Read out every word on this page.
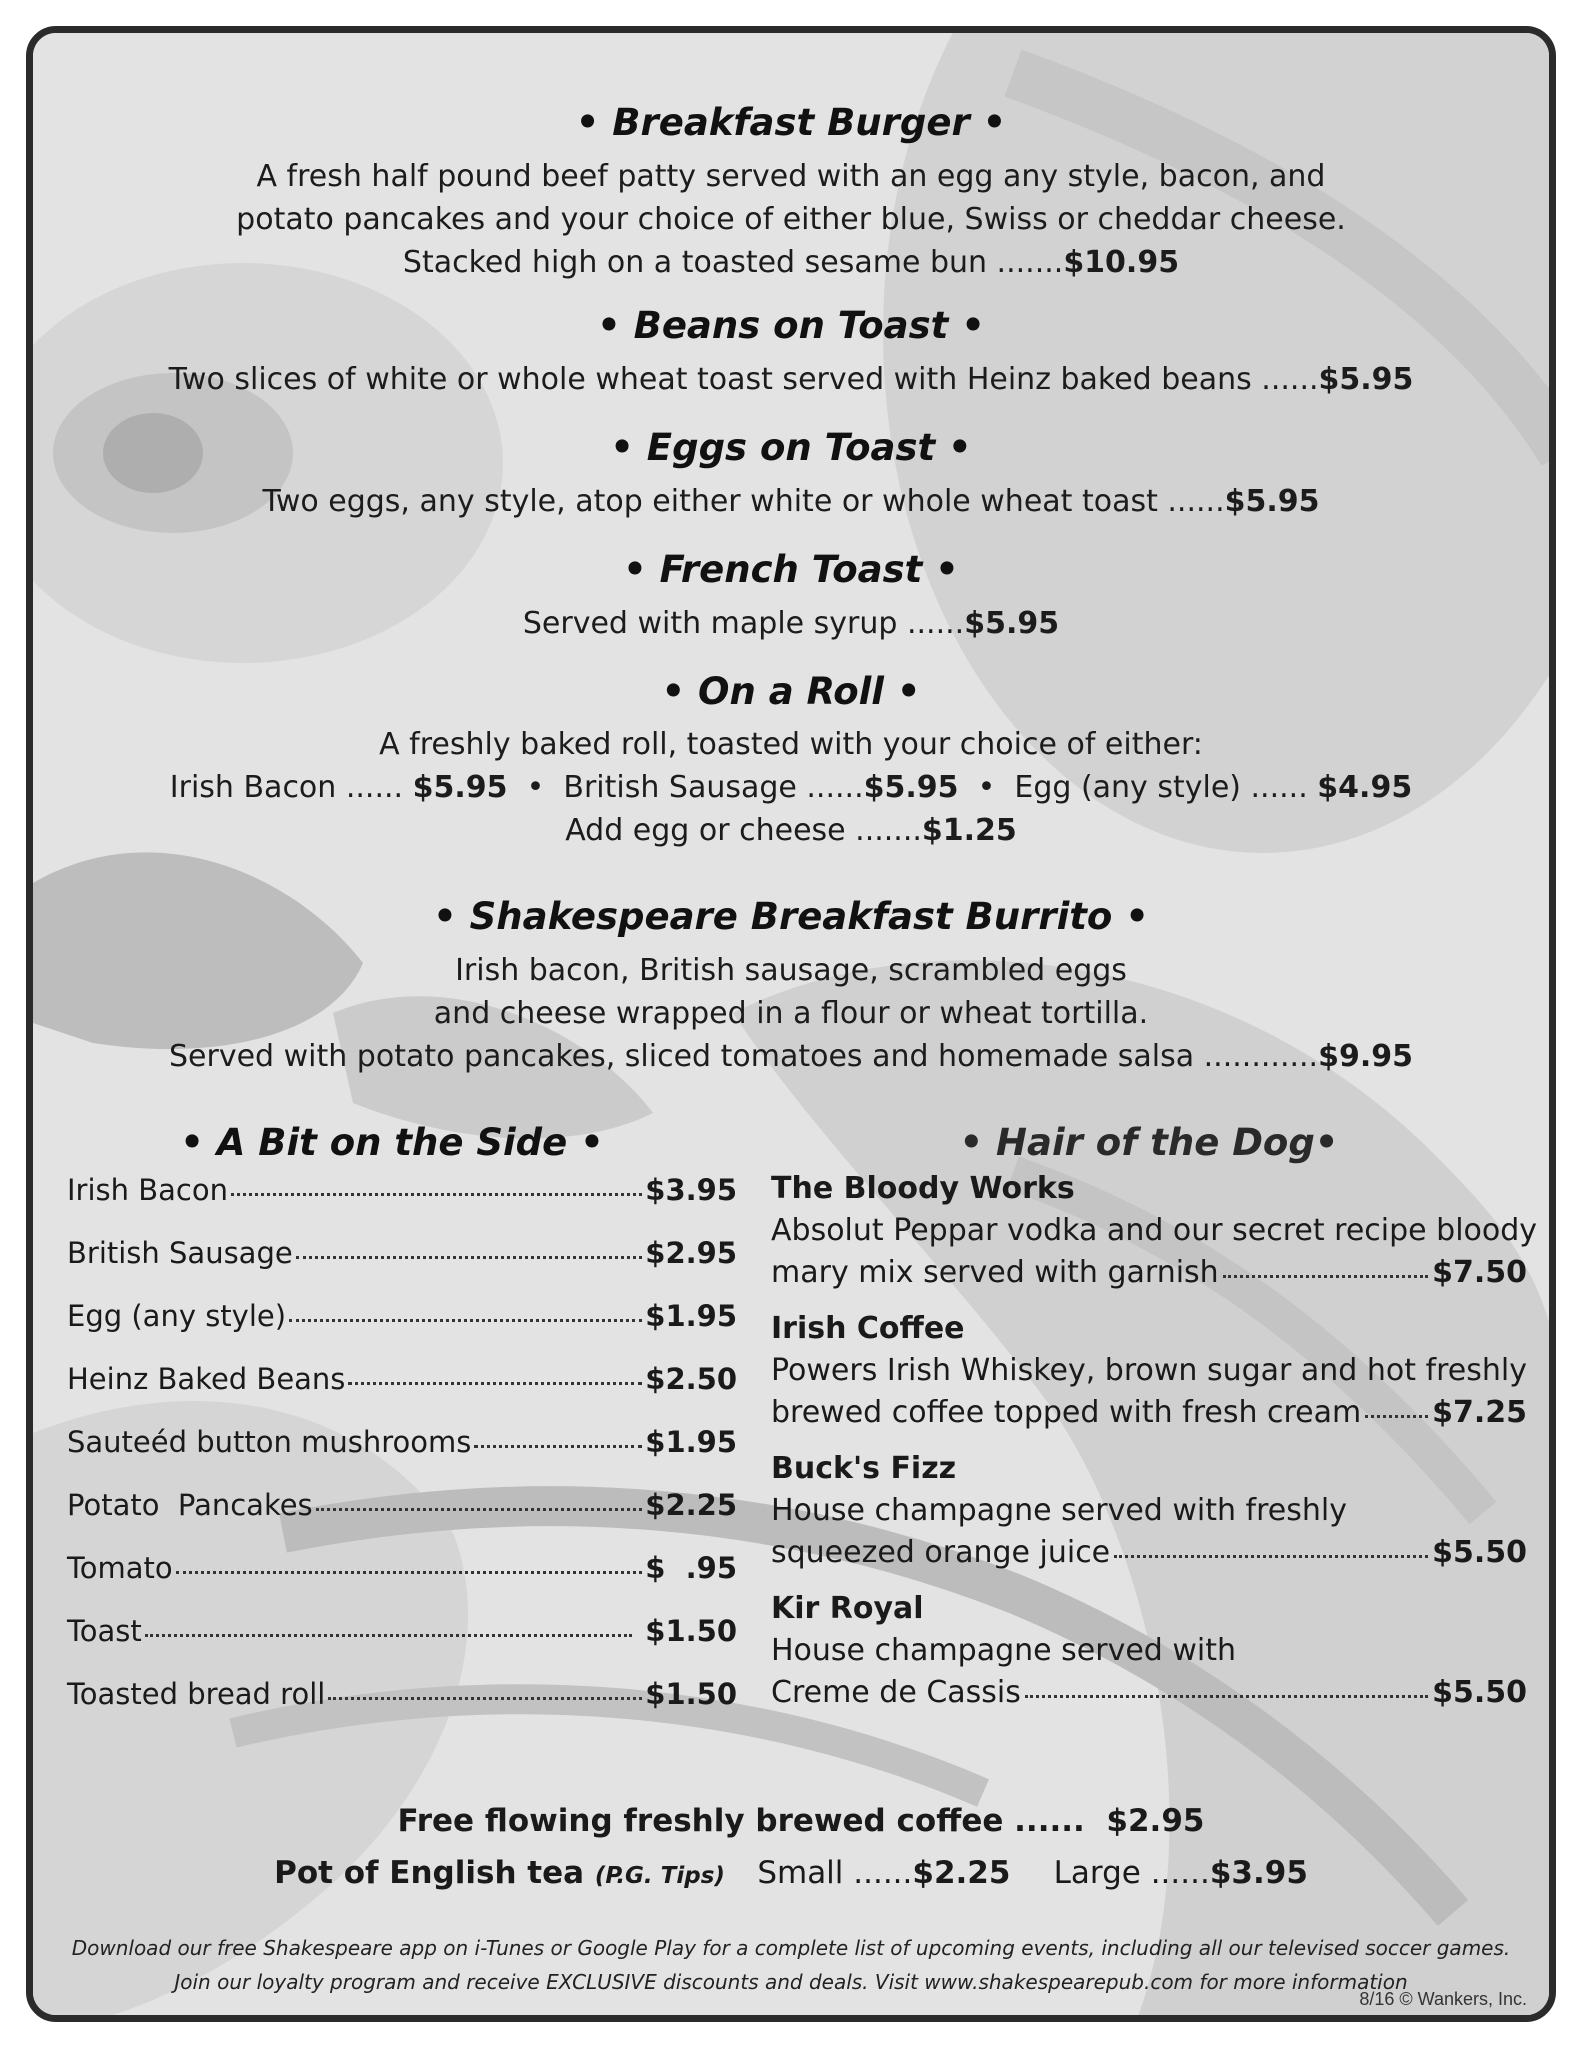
• Breakfast Burger •
A fresh half pound beef patty served with an egg any style, bacon, and
potato pancakes and your choice of either blue, Swiss or cheddar cheese.
Stacked high on a toasted sesame bun .......$10.95
• Beans on Toast •
Two slices of white or whole wheat toast served with Heinz baked beans ......$5.95
• Eggs on Toast •
Two eggs, any style, atop either white or whole wheat toast ......$5.95
• French Toast •
Served with maple syrup ......$5.95
• On a Roll •
A freshly baked roll, toasted with your choice of either:
Irish Bacon ...... $5.95 • British Sausage ......$5.95 • Egg (any style) ...... $4.95
Add egg or cheese .......$1.25
• Shakespeare Breakfast Burrito •
Irish bacon, British sausage, scrambled eggs
and cheese wrapped in a flour or wheat tortilla.
Served with potato pancakes, sliced tomatoes and homemade salsa ............$9.95
• A Bit on the Side •
Irish Bacon	$3.95
British Sausage	$2.95
Egg (any style)	$1.95
Heinz Baked Beans	$2.50
Sauteéd button mushrooms	$1.95
Potato  Pancakes	$2.25
Tomato	$  .95
Toast	$1.50
Toasted bread roll	$1.50
• Hair of the Dog•
The Bloody Works
Absolut Peppar vodka and our secret recipe bloody
mary mix served with garnish	$7.50
Irish Coffee
Powers Irish Whiskey, brown sugar and hot freshly
brewed coffee topped with fresh cream $7.25
Buck's Fizz
House champagne served with freshly
squeezed orange juice	$5.50
Kir Royal
House champagne served with
Creme de Cassis	$5.50
Free flowing freshly brewed coffee ...... $2.95
Pot of English tea (P.G. Tips) Small ......$2.25 Large ......$3.95
Download our free Shakespeare app on i-Tunes or Google Play for a complete list of upcoming events, including all our televised soccer games.
Join our loyalty program and receive EXCLUSIVE discounts and deals. Visit www.shakespearepub.com for more information
8/16 © Wankers, Inc.
